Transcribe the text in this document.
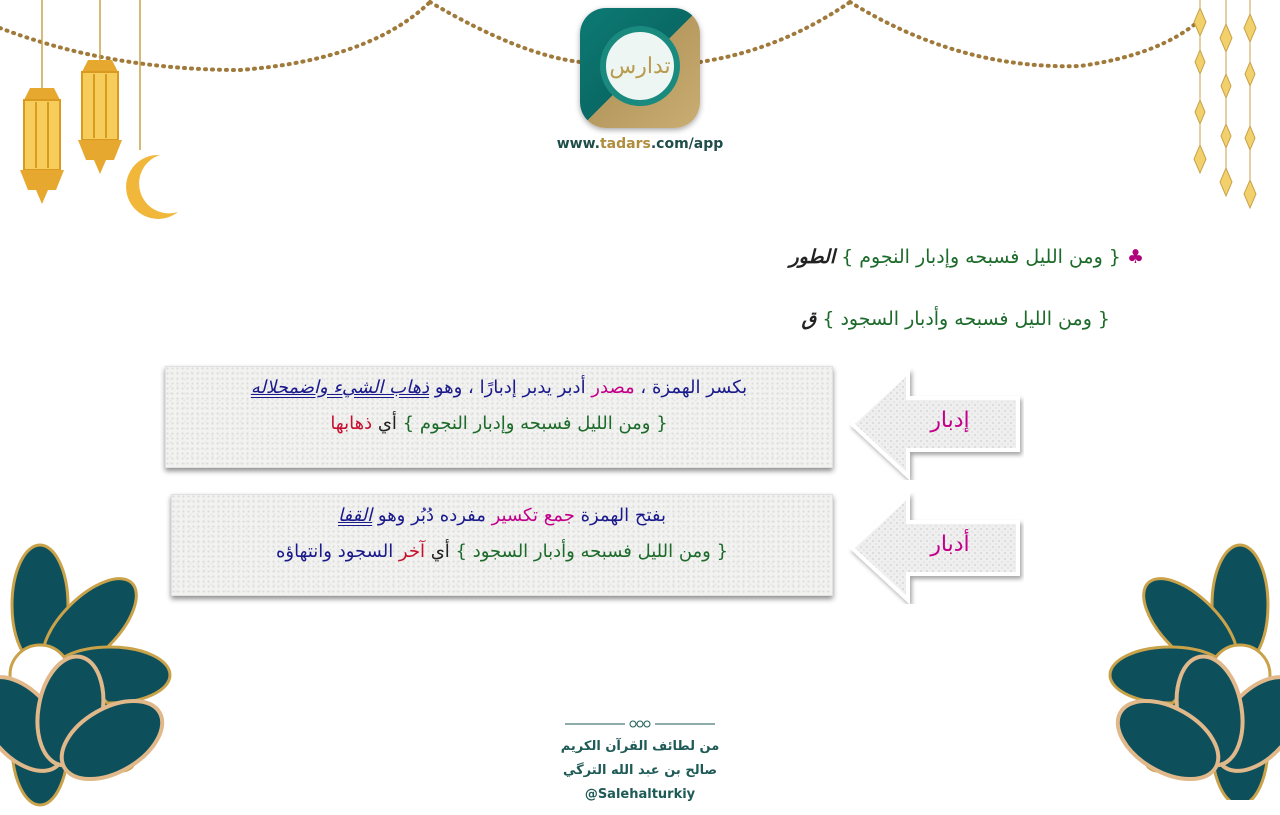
تدارس
www.tadars.com/app
♣ { ومن الليل فسبحه وإدبار النجوم } الطور
{ ومن الليل فسبحه وأدبار السجود } ق
بكسر الهمزة ، مصدر أدبر يدبر إدبارًا ، وهو ذهاب الشيء واضمحلاله
{ ومن الليل فسبحه وإدبار النجوم } أي ذهابها
بفتح الهمزة جمع تكسير مفرده دُبُر وهو القفا
{ ومن الليل فسبحه وأدبار السجود } أي آخر السجود وانتهاؤه
إدبار
أدبار
من لطائف القرآن الكريم
صالح بن عبد الله الترگي
@Salehalturkiy
